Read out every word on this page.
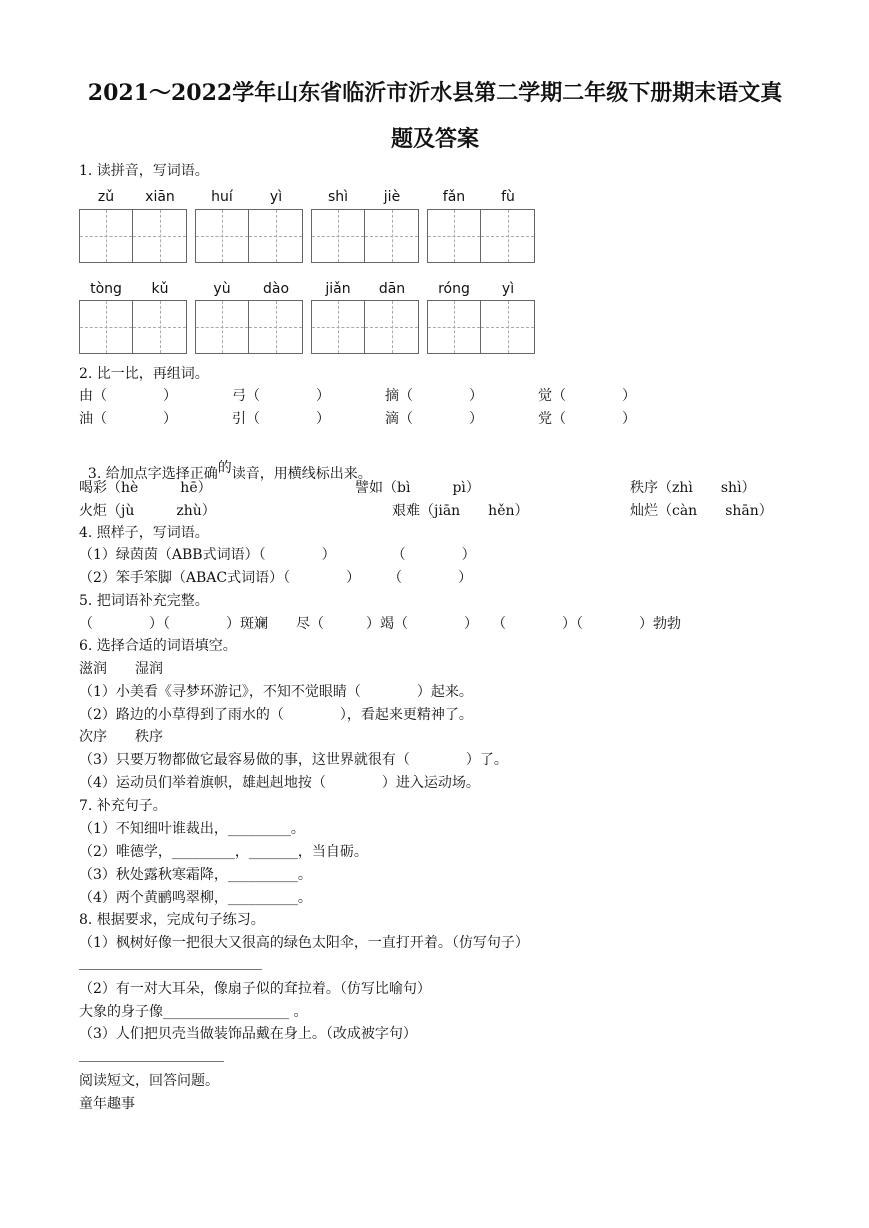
2021～2022学年山东省临沂市沂水县第二学期二年级下册期末语文真
题及答案
1. 读拼音，写词语。
zǔ	xiān	huí	yì	shì	jiè	fǎn	fù
tòng	kǔ	yù	dào	jiǎn	dān	róng	yì
2. 比一比，再组词。
由（　　　　）	弓（　　　　）	摘（　　　　）	觉（　　　　）
油（　　　　）	引（　　　　）	滴（　　　　）	党（　　　　）

3. 给加点字选择正确的读音，用横线标出来。

喝彩（hè　　　hē）	譬如（bì　　　pì）	秩序（zhì　　shì）
火炬（jù　　　zhù）	艰难（jiān　　hěn）	灿烂（càn　　shān）
4. 照样子，写词语。
（1）绿茵茵（ABB式词语）（　　　　）　　　　　（　　　　）
（2）笨手笨脚（ABAC式词语）（　　　　）　　　（　　　　）
5. 把词语补充完整。
（　　　　）（　　　　）斑斓　　尽（　　　）竭（　　　　）　　（　　　　）（　　　　）勃勃
6. 选择合适的词语填空。
滋润　　湿润
（1）小美看《寻梦环游记》，不知不觉眼睛（　　　　）起来。
（2）路边的小草得到了雨水的（　　　　），看起来更精神了。
次序　　秩序
（3）只要万物都做它最容易做的事，这世界就很有（　　　　）了。
（4）运动员们举着旗帜，雄赳赳地按（　　　　）进入运动场。
7. 补充句子。
（1）不知细叶谁裁出，_________。
（2）唯德学，_________，_______，当自砺。
（3）秋处露秋寒霜降，__________。
（4）两个黄鹂鸣翠柳，__________。
8. 根据要求，完成句子练习。
（1）枫树好像一把很大又很高的绿色太阳伞，一直打开着。（仿写句子）
（2）有一对大耳朵，像扇子似的耷拉着。（仿写比喻句）
大象的身子像__________________ 。
（3）人们把贝壳当做装饰品戴在身上。（改成被字句）
阅读短文，回答问题。
童年趣事
